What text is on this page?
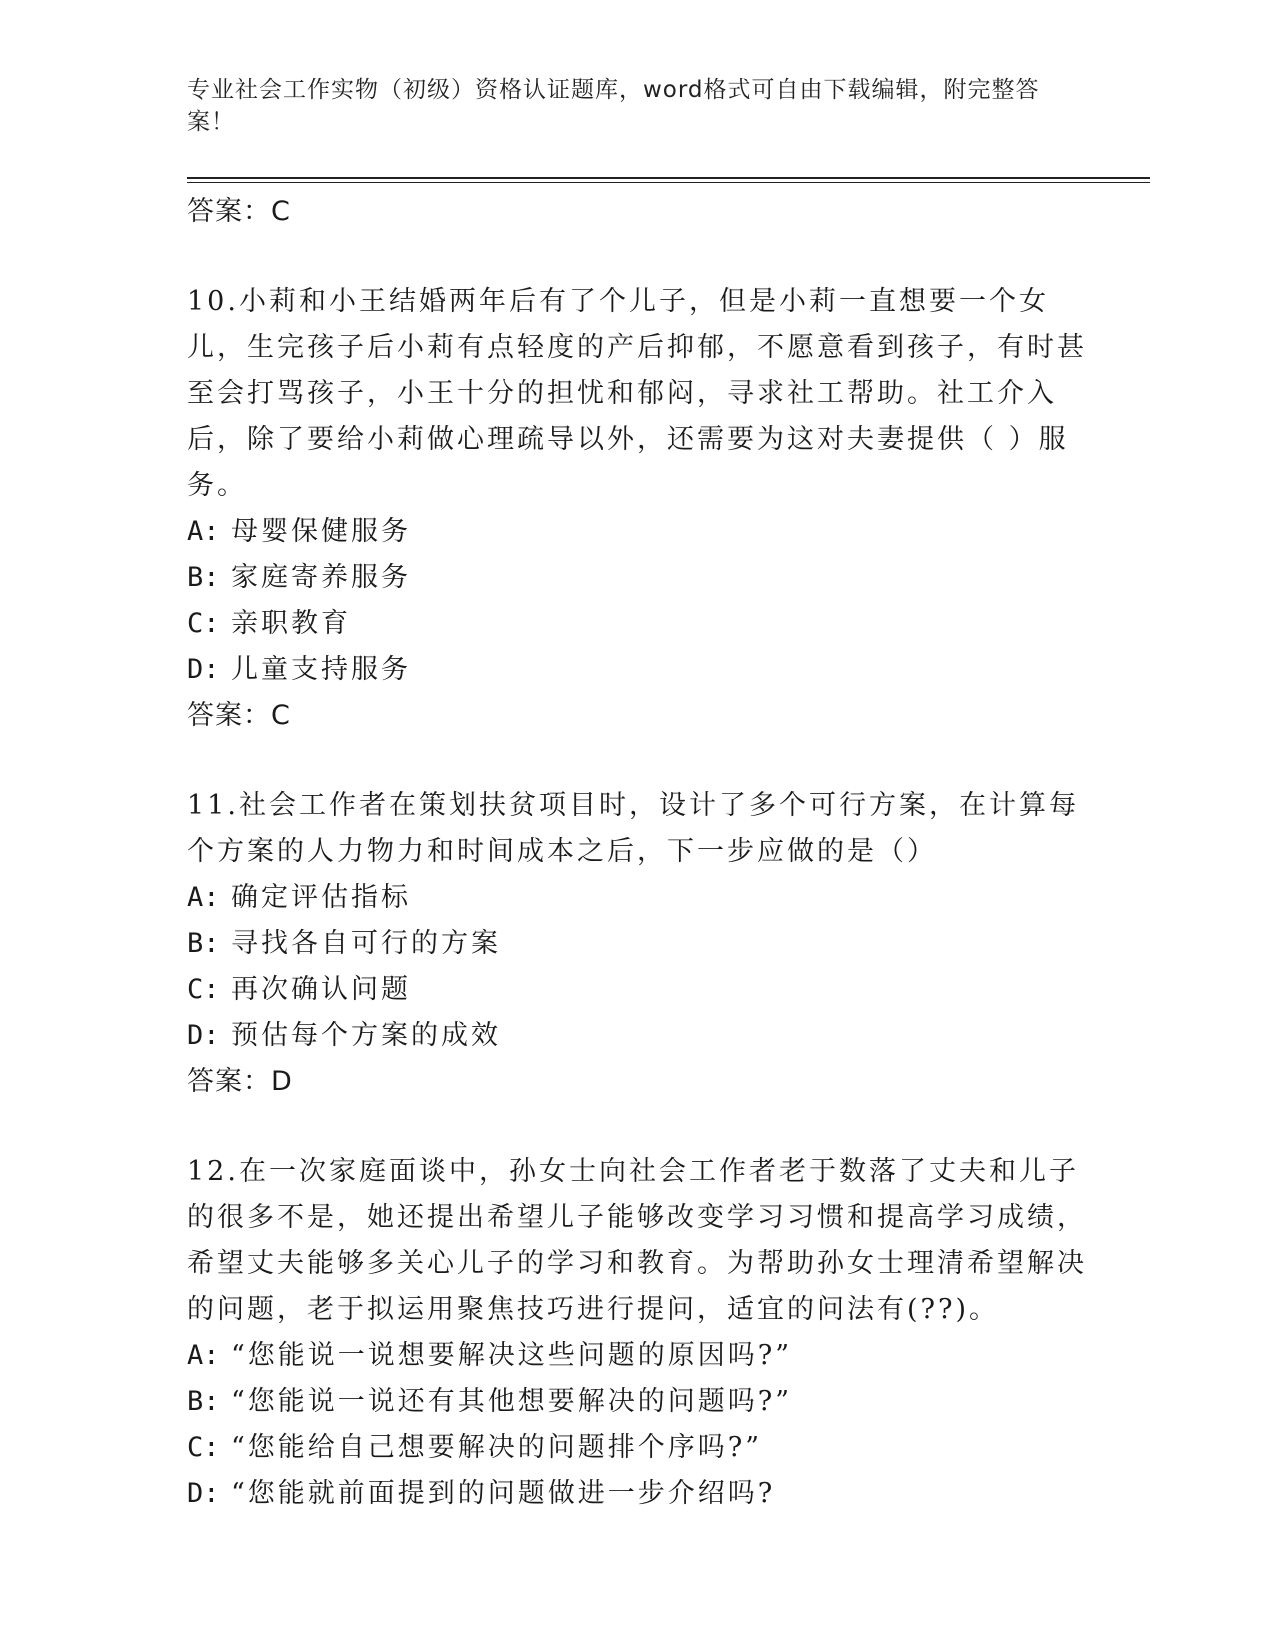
专业社会工作实物（初级）资格认证题库，word格式可自由下载编辑，附完整答案！
答案：C
10.小莉和小王结婚两年后有了个儿子，但是小莉一直想要一个女儿，生完孩子后小莉有点轻度的产后抑郁，不愿意看到孩子，有时甚至会打骂孩子，小王十分的担忧和郁闷，寻求社工帮助。社工介入后，除了要给小莉做心理疏导以外，还需要为这对夫妻提供（ ）服务。
A: 母婴保健服务
B: 家庭寄养服务
C: 亲职教育
D: 儿童支持服务
答案：C
11.社会工作者在策划扶贫项目时，设计了多个可行方案，在计算每个方案的人力物力和时间成本之后，下一步应做的是（）
A: 确定评估指标
B: 寻找各自可行的方案
C: 再次确认问题
D: 预估每个方案的成效
答案：D
12.在一次家庭面谈中，孙女士向社会工作者老于数落了丈夫和儿子的很多不是，她还提出希望儿子能够改变学习习惯和提高学习成绩，希望丈夫能够多关心儿子的学习和教育。为帮助孙女士理清希望解决的问题，老于拟运用聚焦技巧进行提问，适宜的问法有(??)。
A: “您能说一说想要解决这些问题的原因吗?”
B: “您能说一说还有其他想要解决的问题吗?”
C: “您能给自己想要解决的问题排个序吗?”
D: “您能就前面提到的问题做进一步介绍吗?
